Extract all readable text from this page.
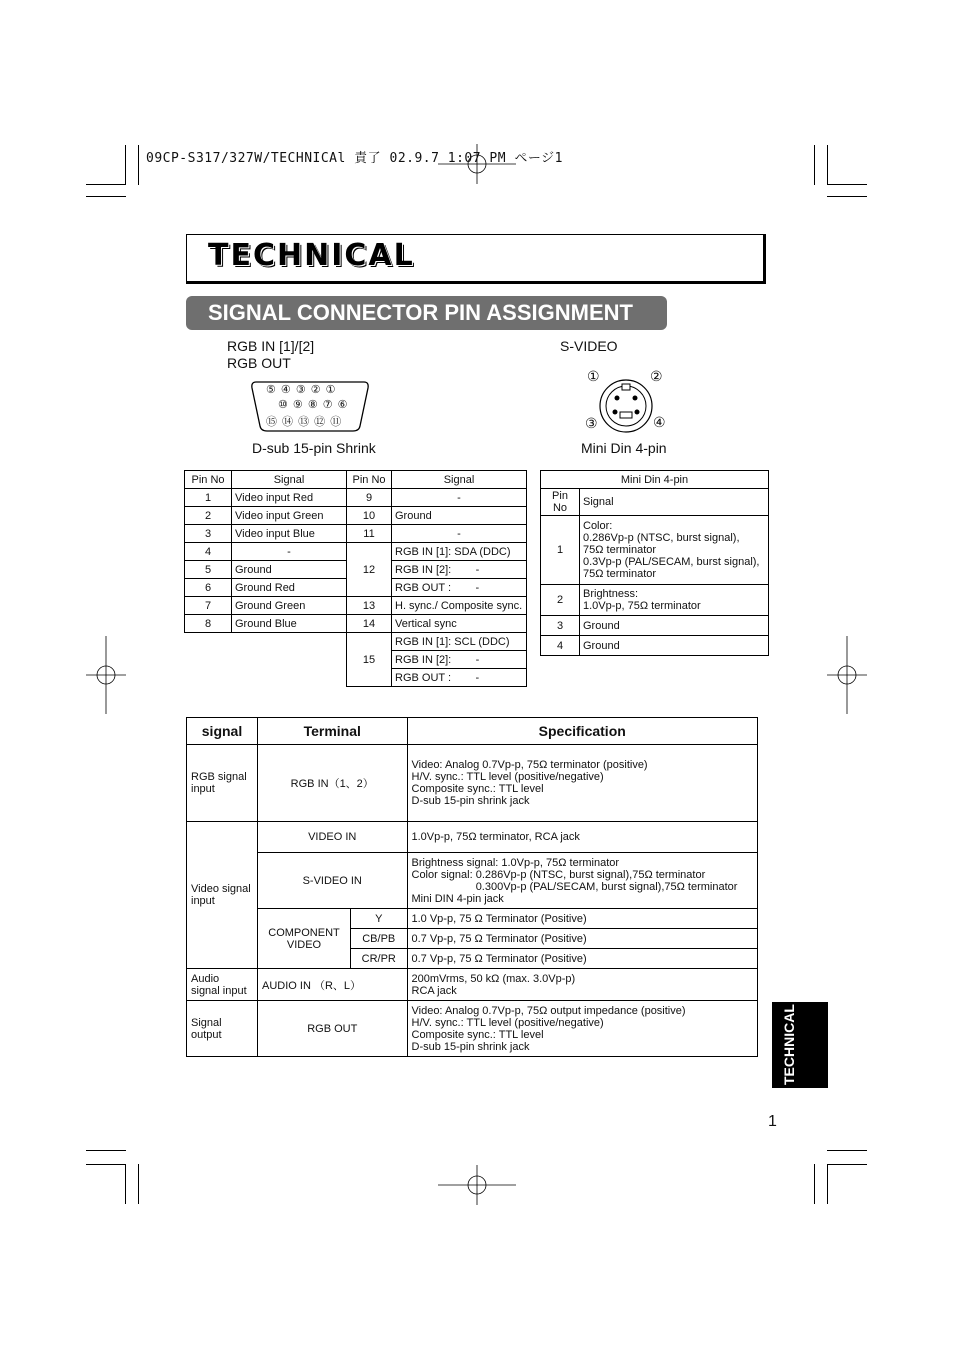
09CP-S317/327W/TECHNICAl 責了 02.9.7 1:07 PM ページ1
TECHNICAL
SIGNAL CONNECTOR PIN ASSIGNMENT
RGB IN [1]/[2]
RGB OUT
S-VIDEO
⑤ ④ ③ ② ①
⑩ ⑨ ⑧ ⑦ ⑥
⑮ ⑭ ⑬ ⑫ ⑪
D-sub 15-pin Shrink
①	②
③	④
Mini Din 4-pin
Pin No	Signal	Pin No	Signal
1	Video input Red	9	-
2	Video input Green	10	Ground
3	Video input Blue	11	-
4	-	12	RGB IN [1]: SDA (DDC)
5	Ground		RGB IN [2]:        -
6	Ground Red		RGB OUT :        -
7	Ground Green	13	H. sync./ Composite sync.
8	Ground Blue	14	Vertical sync
		15	RGB IN [1]: SCL (DDC)
			RGB IN [2]:        -
			RGB OUT :        -
Mini Din 4-pin	
Pin No	Signal
1	Color:
0.286Vp-p (NTSC, burst signal),
75Ω terminator
0.3Vp-p (PAL/SECAM, burst signal),
75Ω terminator
2	Brightness:
1.0Vp-p, 75Ω terminator
3	Ground
4	Ground
signal	Terminal		Specification
RGB signal
input	RGB IN（1、2）		Video: Analog 0.7Vp-p, 75Ω terminator (positive)
H/V. sync.: TTL level (positive/negative)
Composite sync.: TTL level
D-sub 15-pin shrink jack
Video signal
input	VIDEO IN		1.0Vp-p, 75Ω terminator, RCA jack
	S-VIDEO IN		Brightness signal: 1.0Vp-p, 75Ω terminator
Color signal: 0.286Vp-p (NTSC, burst signal),75Ω terminator
0.300Vp-p (PAL/SECAM, burst signal),75Ω terminator
Mini DIN 4-pin jack
	COMPONENT
VIDEO	Y	1.0 Vp-p, 75 Ω Terminator (Positive)
		CB/PB	0.7 Vp-p, 75 Ω Terminator (Positive)
		CR/PR	0.7 Vp-p, 75 Ω Terminator (Positive)
Audio
signal input	AUDIO IN （R、L）		200mVrms, 50 kΩ (max. 3.0Vp-p)
RCA jack
Signal output	RGB OUT		Video: Analog 0.7Vp-p, 75Ω output impedance (positive)
H/V. sync.: TTL level (positive/negative)
Composite sync.: TTL level
D-sub 15-pin shrink jack	TECHNICAL
1
